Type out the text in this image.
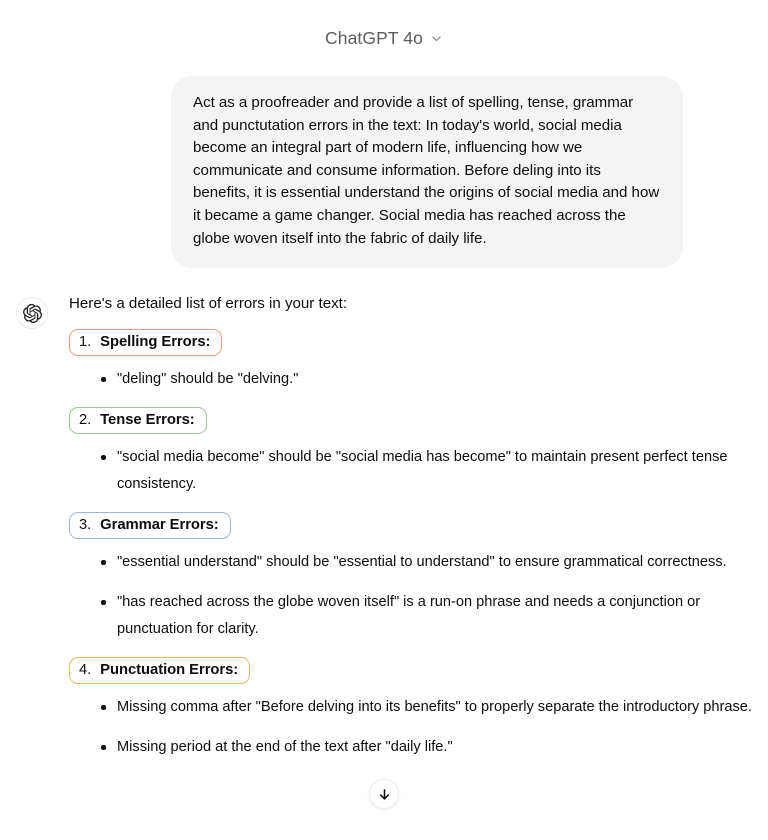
ChatGPT 4o

Act as a proofreader and provide a list of spelling, tense, grammar and punctutation errors in the text: In today's world, social media become an integral part of modern life, influencing how we communicate and consume information. Before deling into its benefits, it is essential understand the origins of social media and how it became a game changer. Social media has reached across the globe woven itself into the fabric of daily life.

Here's a detailed list of errors in your text:

1. Spelling Errors:
"deling" should be "delving."
2. Tense Errors:
"social media become" should be "social media has become" to maintain present perfect tense consistency.
3. Grammar Errors:
"essential understand" should be "essential to understand" to ensure grammatical correctness.
"has reached across the globe woven itself" is a run-on phrase and needs a conjunction or punctuation for clarity.
4. Punctuation Errors:
Missing comma after "Before delving into its benefits" to properly separate the introductory phrase.
Missing period at the end of the text after "daily life."
